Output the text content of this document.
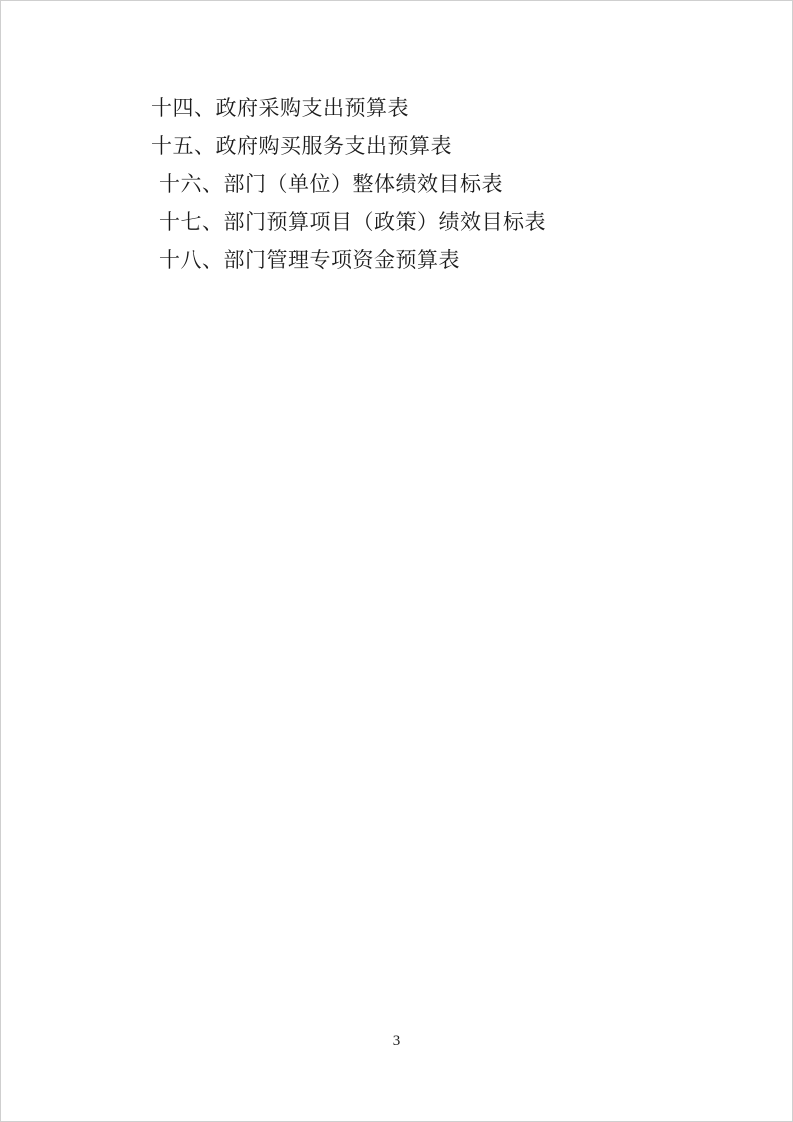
十四、政府采购支出预算表
十五、政府购买服务支出预算表
十六、部门（单位）整体绩效目标表
十七、部门预算项目（政策）绩效目标表
十八、部门管理专项资金预算表
3
